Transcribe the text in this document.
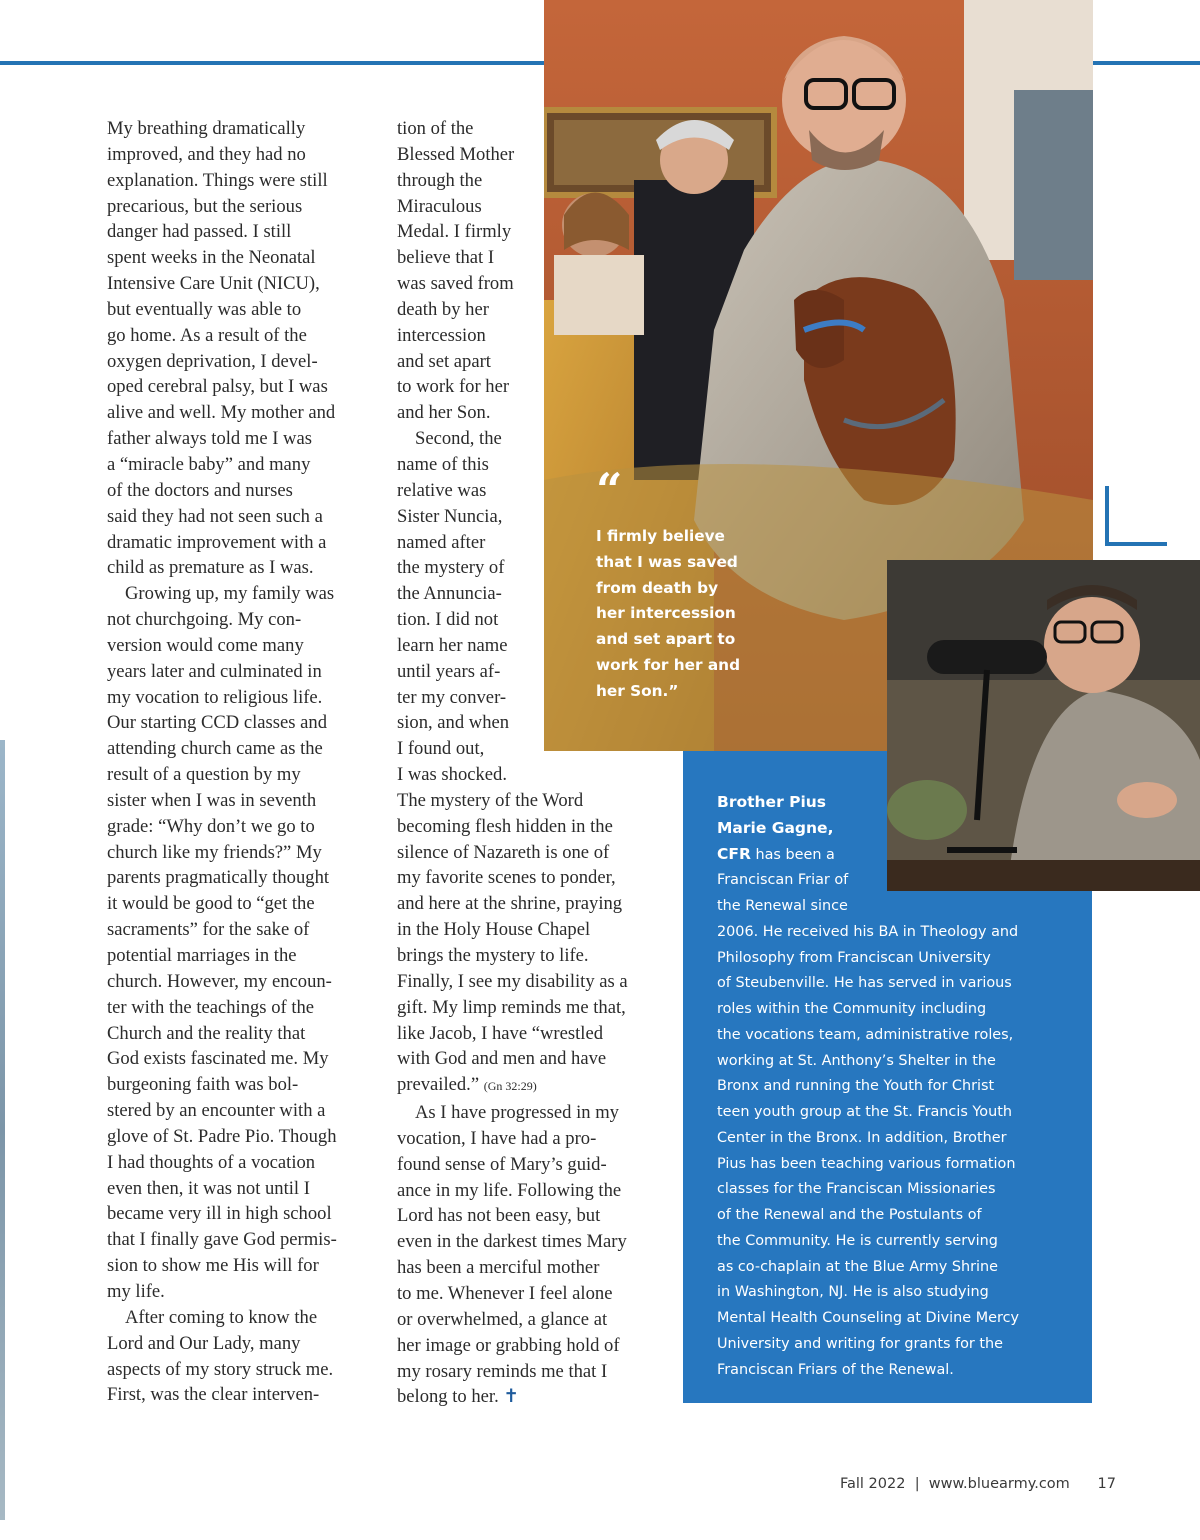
My breathing dramatically
improved, and they had no
explanation. Things were still
precarious, but the serious
danger had passed. I still
spent weeks in the Neonatal
Intensive Care Unit (NICU),
but eventually was able to
go home. As a result of the
oxygen deprivation, I devel-
oped cerebral palsy, but I was
alive and well. My mother and
father always told me I was
a “miracle baby” and many
of the doctors and nurses
said they had not seen such a
dramatic improvement with a
child as premature as I was.
Growing up, my family was
not churchgoing. My con-
version would come many
years later and culminated in
my vocation to religious life.
Our starting CCD classes and
attending church came as the
result of a question by my
sister when I was in seventh
grade: “Why don’t we go to
church like my friends?” My
parents pragmatically thought
it would be good to “get the
sacraments” for the sake of
potential marriages in the
church. However, my encoun-
ter with the teachings of the
Church and the reality that
God exists fascinated me. My
burgeoning faith was bol-
stered by an encounter with a
glove of St. Padre Pio. Though
I had thoughts of a vocation
even then, it was not until I
became very ill in high school
that I finally gave God permis-
sion to show me His will for
my life.
After coming to know the
Lord and Our Lady, many
aspects of my story struck me.
First, was the clear interven-
tion of the
Blessed Mother
through the
Miraculous
Medal. I firmly
believe that I
was saved from
death by her
intercession
and set apart
to work for her
and her Son.
Second, the
name of this
relative was
Sister Nuncia,
named after
the mystery of
the Annuncia-
tion. I did not
learn her name
until years af-
ter my conver-
sion, and when
I found out,
I was shocked.
The mystery of the Word
becoming flesh hidden in the
silence of Nazareth is one of
my favorite scenes to ponder,
and here at the shrine, praying
in the Holy House Chapel
brings the mystery to life.
Finally, I see my disability as a
gift. My limp reminds me that,
like Jacob, I have “wrestled
with God and men and have
prevailed.” (Gn 32:29)
As I have progressed in my
vocation, I have had a pro-
found sense of Mary’s guid-
ance in my life. Following the
Lord has not been easy, but
even in the darkest times Mary
has been a merciful mother
to me. Whenever I feel alone
or overwhelmed, a glance at
her image or grabbing hold of
my rosary reminds me that I
belong to her. ✝
“
I firmly believe
that I was saved
from death by
her intercession
and set apart to
work for her and
her Son.”
Brother Pius
Marie Gagne,
CFR has been a
Franciscan Friar of
the Renewal since
2006. He received his BA in Theology and
Philosophy from Franciscan University
of Steubenville. He has served in various
roles within the Community including
the vocations team, administrative roles,
working at St. Anthony’s Shelter in the
Bronx and running the Youth for Christ
teen youth group at the St. Francis Youth
Center in the Bronx. In addition, Brother
Pius has been teaching various formation
classes for the Franciscan Missionaries
of the Renewal and the Postulants of
the Community. He is currently serving
as co-chaplain at the Blue Army Shrine
in Washington, NJ. He is also studying
Mental Health Counseling at Divine Mercy
University and writing for grants for the
Franciscan Friars of the Renewal.
Fall 2022 | www.bluearmy.com 17
